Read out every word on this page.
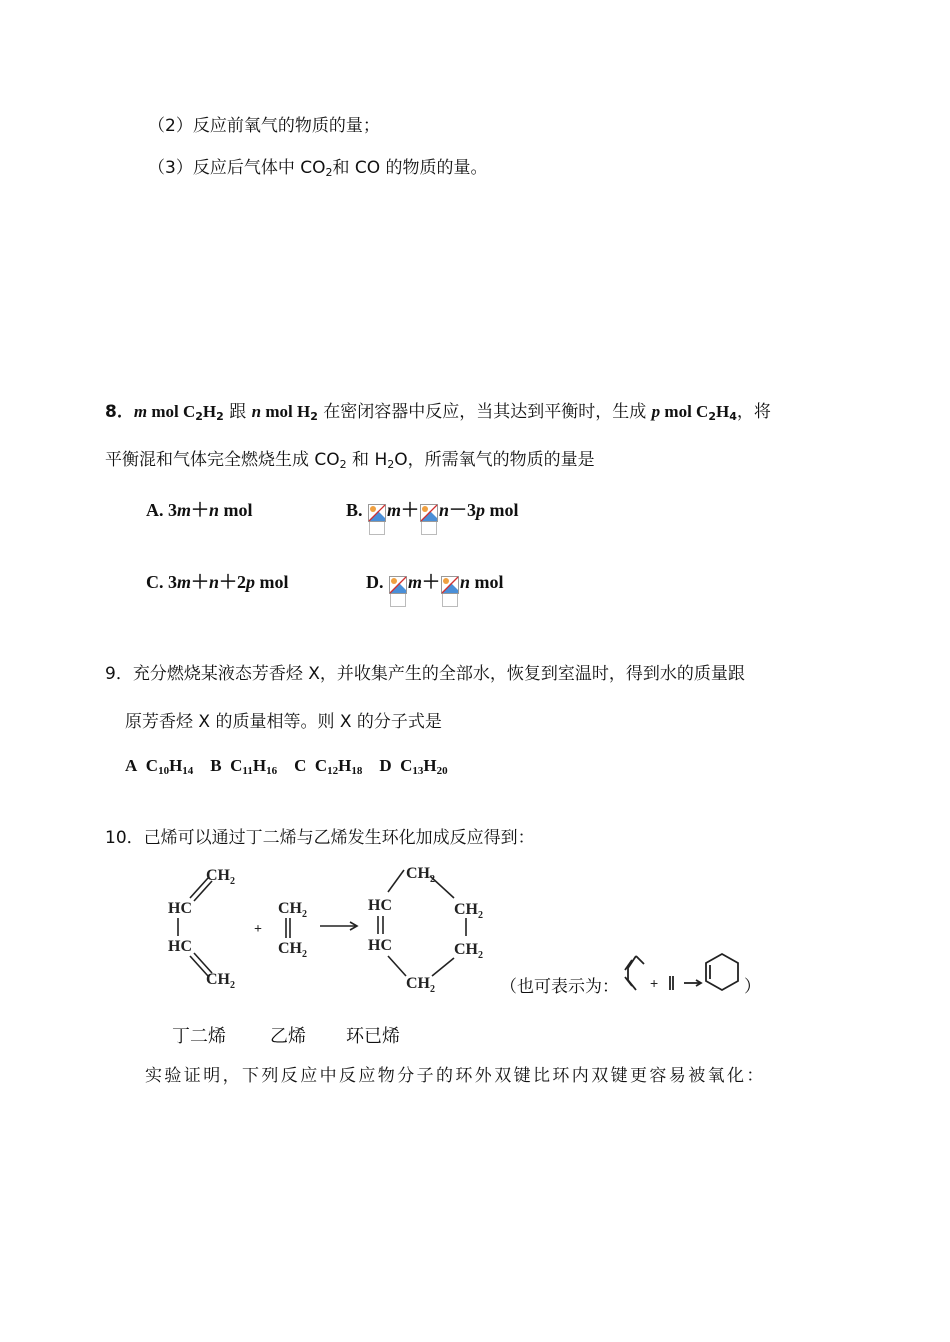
（2）反应前氧气的物质的量；
（3）反应后气体中 $CO_2$和 CO 的物质的量。
8．m mol $C_2H_2$ 跟 n mol $H_2$ 在密闭容器中反应，当其达到平衡时，生成 p mol $C_2H_4$，将
平衡混和气体完全燃烧生成 $CO_2$ 和 $H_2O$，所需氧气的物质的量是
A. 3m＋n mol	B.
m＋ n－3p mol
C. 3m＋n＋2p mol	D.
m＋ n mol
9．充分燃烧某液态芳香烃 X，并收集产生的全部水，恢复到室温时，得到水的质量跟
原芳香烃 X 的质量相等。则 X 的分子式是
A $C_{10}H_{14}$ B $C_{11}H_{16}$ C $C_{12}H_{18}$ D $C_{13}H_{20}$
10．己烯可以通过丁二烯与乙烯发生环化加成反应得到：
$CH_2$
HC
HC
$CH_2$
$CH_2$
$CH_2$
+
$CH_2$
HC
HC
$CH_2$
$CH_2$
$CH_2$	（也可表示为： +	）
丁二烯 乙烯 环已烯
实验证明，下列反应中反应物分子的环外双键比环内双键更容易被氧化：
